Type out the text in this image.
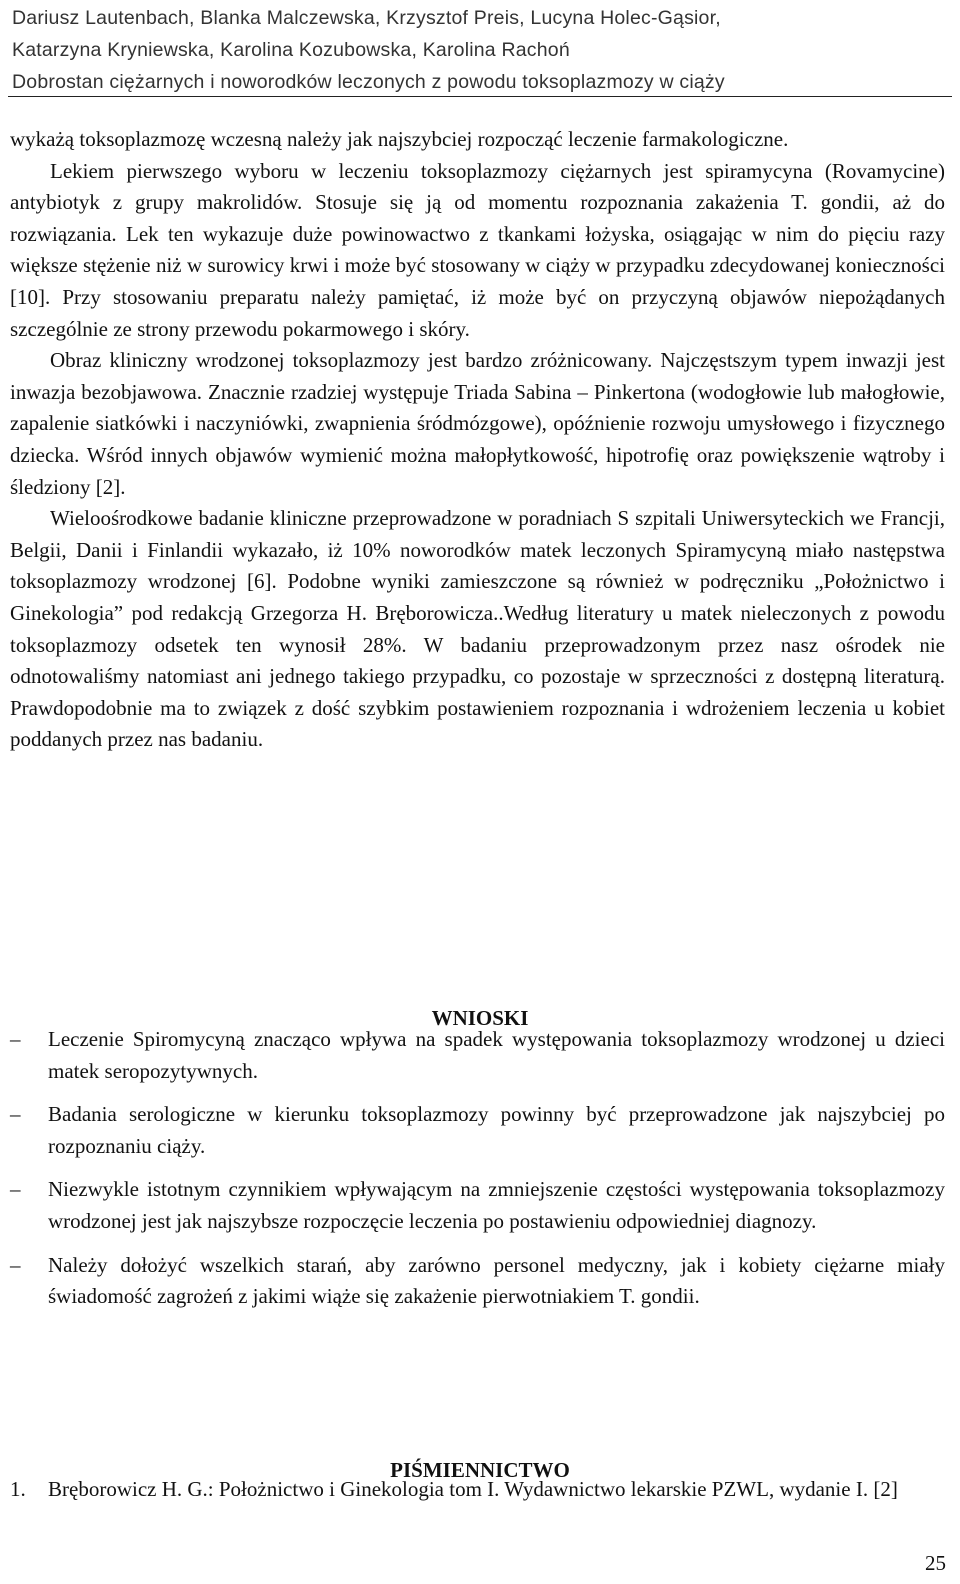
Dariusz Lautenbach, Blanka Malczewska, Krzysztof Preis, Lucyna Holec-Gąsior,
Katarzyna Kryniewska, Karolina Kozubowska, Karolina Rachoń
Dobrostan ciężarnych i noworodków leczonych z powodu toksoplazmozy w ciąży

wykażą toksoplazmozę wczesną należy jak najszybciej rozpocząć leczenie farmakologiczne.

Lekiem pierwszego wyboru w leczeniu toksoplazmozy ciężarnych jest spiramycyna (Rovamycine) antybiotyk z grupy makrolidów. Stosuje się ją od momentu rozpoznania zakażenia T. gondii, aż do rozwiązania. Lek ten wykazuje duże powinowactwo z tkankami łożyska, osiągając w nim do pięciu razy większe stężenie niż w surowicy krwi i może być stosowany w ciąży w przypadku zdecydowanej konieczności [10]. Przy stosowaniu preparatu należy pamiętać, iż może być on przyczyną objawów niepożądanych szczególnie ze strony przewodu pokarmowego i skóry.

Obraz kliniczny wrodzonej toksoplazmozy jest bardzo zróżnicowany. Najczęstszym typem inwazji jest inwazja bezobjawowa. Znacznie rzadziej występuje Triada Sabina – Pinkertona (wodogłowie lub małogłowie, zapalenie siatkówki i naczyniówki, zwapnienia śródmózgowe), opóźnienie rozwoju umysłowego i fizycznego dziecka. Wśród innych objawów wymienić można małopłytkowość, hipotrofię oraz powiększenie wątroby i śledziony [2].

Wieloośrodkowe badanie kliniczne przeprowadzone w poradniach S szpitali Uniwersyteckich we Francji, Belgii, Danii i Finlandii wykazało, iż 10% noworodków matek leczonych Spiramycyną miało następstwa toksoplazmozy wrodzonej [6]. Podobne wyniki zamieszczone są również w podręczniku „Położnictwo i Ginekologia” pod redakcją Grzegorza H. Bręborowicza..Według literatury u matek nieleczonych z powodu toksoplazmozy odsetek ten wynosił 28%. W badaniu przeprowadzonym przez nasz ośrodek nie odnotowaliśmy natomiast ani jednego takiego przypadku, co pozostaje w sprzeczności z dostępną literaturą. Prawdopodobnie ma to związek z dość szybkim postawieniem rozpoznania i wdrożeniem leczenia u kobiet poddanych przez nas badaniu.

WNIOSKI
–	Leczenie Spiromycyną znacząco wpływa na spadek występowania toksoplazmozy wrodzonej u dzieci matek seropozytywnych.
–	Badania serologiczne w kierunku toksoplazmozy powinny być przeprowadzone jak najszybciej po rozpoznaniu ciąży.
–	Niezwykle istotnym czynnikiem wpływającym na zmniejszenie częstości występowania toksoplazmozy wrodzonej jest jak najszybsze rozpoczęcie leczenia po postawieniu odpowiedniej diagnozy.
–	Należy dołożyć wszelkich starań, aby zarówno personel medyczny, jak i kobiety ciężarne miały świadomość zagrożeń z jakimi wiąże się zakażenie pierwotniakiem T. gondii.
PIŚMIENNICTWO
1. Bręborowicz H. G.: Położnictwo i Ginekologia tom I. Wydawnictwo lekarskie PZWL, wydanie I. [2]
25
